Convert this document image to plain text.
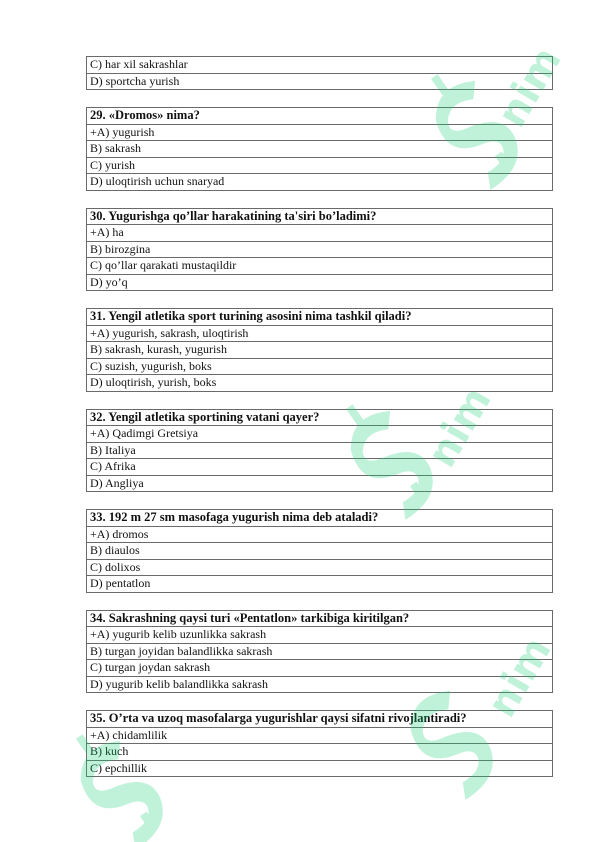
nim
nim
nim
C) har xil sakrashlar
D) sportcha yurish
29. «Dromos» nima?
+A) yugurish
B) sakrash
C) yurish
D) uloqtirish uchun snaryad
30. Yugurishga qo’llar harakatining ta'siri bo’ladimi?
+A) ha
B) birozgina
C) qo’llar qarakati mustaqildir
D) yo’q
31. Yengil atletika sport turining asosini nima tashkil qiladi?
+A) yugurish, sakrash, uloqtirish
B) sakrash, kurash, yugurish
C) suzish, yugurish, boks
D) uloqtirish, yurish, boks
32. Yengil atletika sportining vatani qayer?
+A) Qadimgi Gretsiya
B) Italiya
C) Afrika
D) Angliya
33. 192 m 27 sm masofaga yugurish nima deb ataladi?
+A) dromos
B) diaulos
C) dolixos
D) pentatlon
34. Sakrashning qaysi turi «Pentatlon» tarkibiga kiritilgan?
+A) yugurib kelib uzunlikka sakrash
B) turgan joyidan balandlikka sakrash
C) turgan joydan sakrash
D) yugurib kelib balandlikka sakrash
35. O’rta va uzoq masofalarga yugurishlar qaysi sifatni rivojlantiradi?
+A) chidamlilik
B) kuch
C) epchillik
